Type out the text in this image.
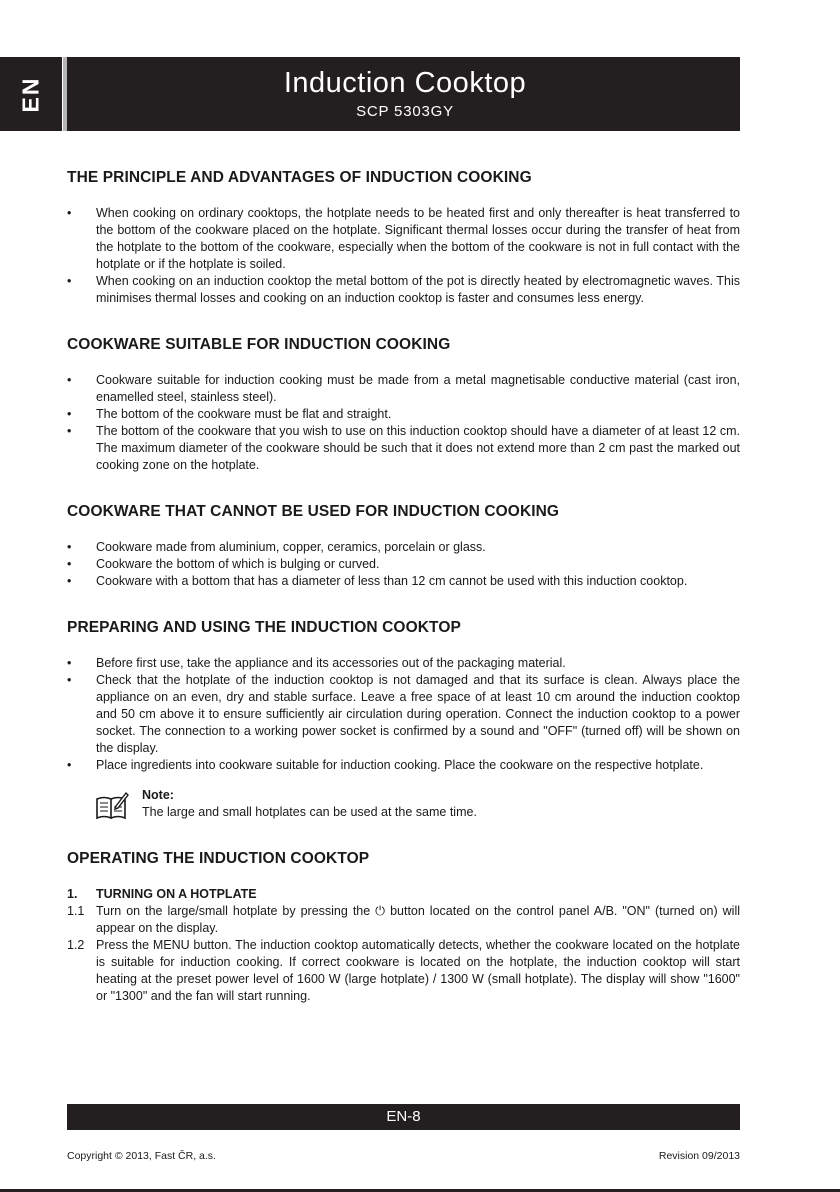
EN	Induction Cooktop
SCP 5303GY
THE PRINCIPLE AND ADVANTAGES OF INDUCTION COOKING
• When cooking on ordinary cooktops, the hotplate needs to be heated first and only thereafter is heat transferred to the bottom of the cookware placed on the hotplate. Significant thermal losses occur during the transfer of heat from the hotplate to the bottom of the cookware, especially when the bottom of the cookware is not in full contact with the hotplate or if the hotplate is soiled.
• When cooking on an induction cooktop the metal bottom of the pot is directly heated by electromagnetic waves. This minimises thermal losses and cooking on an induction cooktop is faster and consumes less energy.
COOKWARE SUITABLE FOR INDUCTION COOKING
• Cookware suitable for induction cooking must be made from a metal magnetisable conductive material (cast iron, enamelled steel, stainless steel).
• The bottom of the cookware must be flat and straight.
• The bottom of the cookware that you wish to use on this induction cooktop should have a diameter of at least 12 cm. The maximum diameter of the cookware should be such that it does not extend more than 2 cm past the marked out cooking zone on the hotplate.
COOKWARE THAT CANNOT BE USED FOR INDUCTION COOKING
• Cookware made from aluminium, copper, ceramics, porcelain or glass.
• Cookware the bottom of which is bulging or curved.
• Cookware with a bottom that has a diameter of less than 12 cm cannot be used with this induction cooktop.
PREPARING AND USING THE INDUCTION COOKTOP
• Before first use, take the appliance and its accessories out of the packaging material.
• Check that the hotplate of the induction cooktop is not damaged and that its surface is clean. Always place the appliance on an even, dry and stable surface. Leave a free space of at least 10 cm around the induction cooktop and 50 cm above it to ensure sufficiently air circulation during operation. Connect the induction cooktop to a power socket. The connection to a working power socket is confirmed by a sound and "OFF" (turned off) will be shown on the display.
• Place ingredients into cookware suitable for induction cooking. Place the cookware on the respective hotplate.
Note:
The large and small hotplates can be used at the same time.
OPERATING THE INDUCTION COOKTOP
1.	TURNING ON A HOTPLATE
1.1 Turn on the large/small hotplate by pressing the ⏻ button located on the control panel A/B. "ON" (turned on) will appear on the display.
1.2 Press the MENU button. The induction cooktop automatically detects, whether the cookware located on the hotplate is suitable for induction cooking. If correct cookware is located on the hotplate, the induction cooktop will start heating at the preset power level of 1600 W (large hotplate) / 1300 W (small hotplate). The display will show "1600" or "1300" and the fan will start running.
EN-8
Copyright © 2013, Fast ČR, a.s.	Revision 09/2013
